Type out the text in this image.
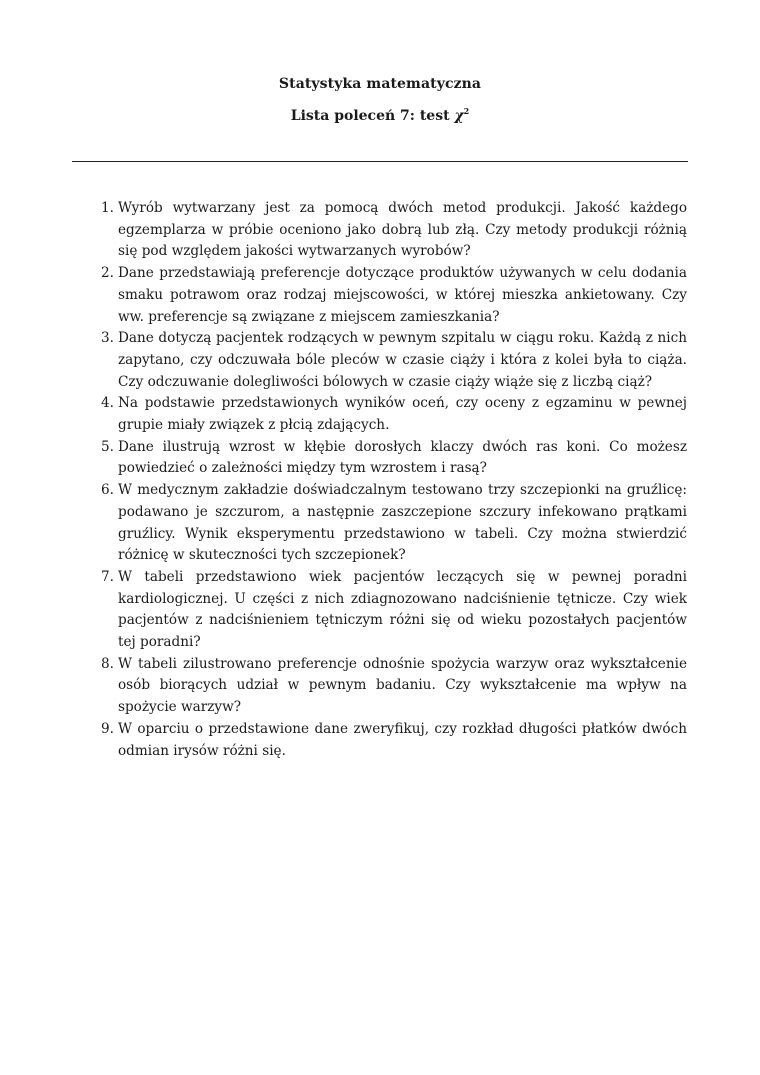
Statystyka matematyczna
Lista poleceń 7: test $\chi^2$
1. Wyrób wytwarzany jest za pomocą dwóch metod produkcji. Jakość każdego egzemplarza w próbie oceniono jako dobrą lub złą. Czy metody produkcji różnią się pod względem jakości wytwarzanych wyrobów?
2. Dane przedstawiają preferencje dotyczące produktów używanych w celu dodania smaku potrawom oraz rodzaj miejscowości, w której mieszka ankietowany. Czy ww. preferencje są związane z miejscem zamieszkania?
3. Dane dotyczą pacjentek rodzących w pewnym szpitalu w ciągu roku. Każdą z nich zapytano, czy odczuwała bóle pleców w czasie ciąży i która z kolei była to ciąża. Czy odczuwanie dolegliwości bólowych w czasie ciąży wiąże się z liczbą ciąż?
4. Na podstawie przedstawionych wyników oceń, czy oceny z egzaminu w pewnej grupie miały związek z płcią zdających.
5. Dane ilustrują wzrost w kłębie dorosłych klaczy dwóch ras koni. Co możesz powiedzieć o zależności między tym wzrostem i rasą?
6. W medycznym zakładzie doświadczalnym testowano trzy szczepionki na gruźlicę: podawano je szczurom, a następnie zaszczepione szczury infekowano prątkami gruźlicy. Wynik eksperymentu przedstawiono w tabeli. Czy można stwierdzić różnicę w skuteczności tych szczepionek?
7. W tabeli przedstawiono wiek pacjentów leczących się w pewnej poradni kardiologicznej. U części z nich zdiagnozowano nadciśnienie tętnicze. Czy wiek pacjentów z nadciśnieniem tętniczym różni się od wieku pozostałych pacjentów tej poradni?
8. W tabeli zilustrowano preferencje odnośnie spożycia warzyw oraz wykształcenie osób biorących udział w pewnym badaniu. Czy wykształcenie ma wpływ na spożycie warzyw?
9. W oparciu o przedstawione dane zweryfikuj, czy rozkład długości płatków dwóch odmian irysów różni się.
